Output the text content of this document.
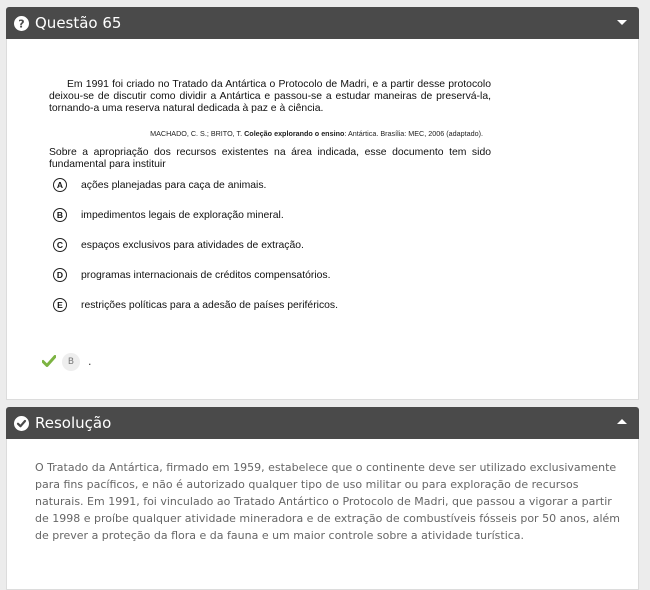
? Questão 65
Em 1991 foi criado no Tratado da Antártica o Protocolo de Madri, e a partir desse protocolo deixou-se de discutir como dividir a Antártica e passou-se a estudar maneiras de preservá-la, tornando-a uma reserva natural dedicada à paz e à ciência.
MACHADO, C. S.; BRITO, T. Coleção explorando o ensino: Antártica. Brasília: MEC, 2006 (adaptado).
Sobre a apropriação dos recursos existentes na área indicada, esse documento tem sido fundamental para instituir
A	ações planejadas para caça de animais.
B	impedimentos legais de exploração mineral.
C	espaços exclusivos para atividades de extração.
D	programas internacionais de créditos compensatórios.
E	restrições políticas para a adesão de países periféricos.
B	.
Resolução
O Tratado da Antártica, firmado em 1959, estabelece que o continente deve ser utilizado exclusivamente para fins pacíficos, e não é autorizado qualquer tipo de uso militar ou para exploração de recursos naturais. Em 1991, foi vinculado ao Tratado Antártico o Protocolo de Madri, que passou a vigorar a partir de 1998 e proíbe qualquer atividade mineradora e de extração de combustíveis fósseis por 50 anos, além de prever a proteção da flora e da fauna e um maior controle sobre a atividade turística.
